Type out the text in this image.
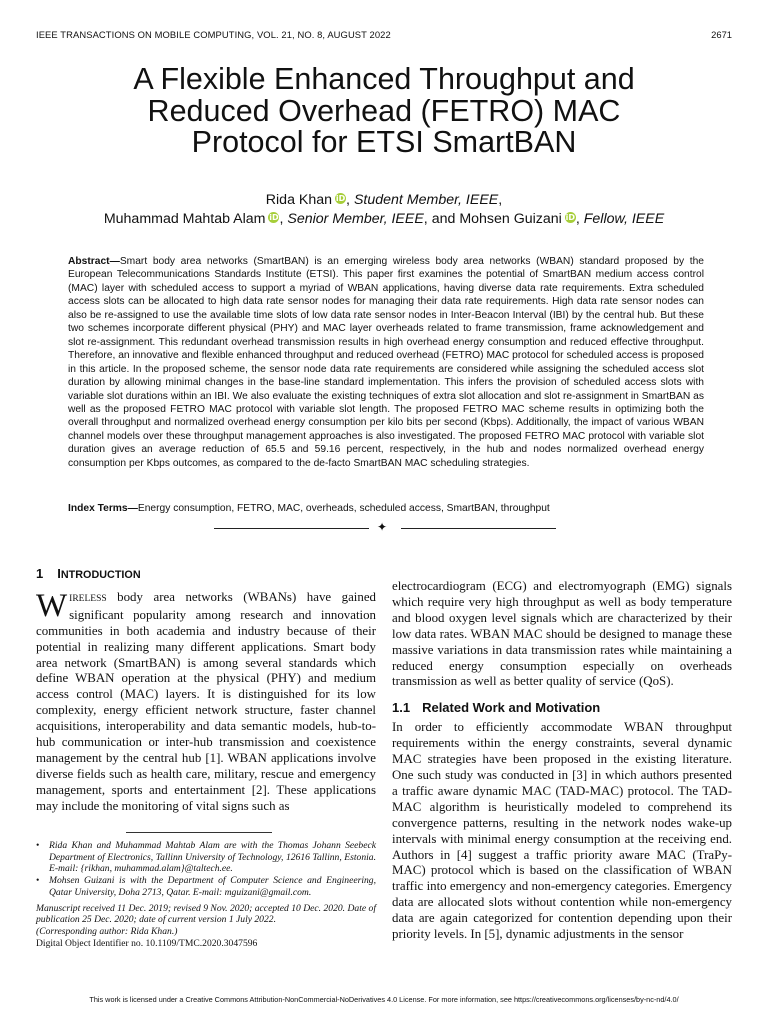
IEEE TRANSACTIONS ON MOBILE COMPUTING, VOL. 21, NO. 8, AUGUST 2022	2671
A Flexible Enhanced Throughput and
Reduced Overhead (FETRO) MAC
Protocol for ETSI SmartBAN
Rida Khan iD, Student Member, IEEE,
Muhammad Mahtab Alam iD, Senior Member, IEEE, and Mohsen Guizani iD, Fellow, IEEE
Abstract—Smart body area networks (SmartBAN) is an emerging wireless body area networks (WBAN) standard proposed by the European Telecommunications Standards Institute (ETSI). This paper first examines the potential of SmartBAN medium access control (MAC) layer with scheduled access to support a myriad of WBAN applications, having diverse data rate requirements. Extra scheduled access slots can be allocated to high data rate sensor nodes for managing their data rate requirements. High data rate sensor nodes can also be re-assigned to use the available time slots of low data rate sensor nodes in Inter-Beacon Interval (IBI) by the central hub. But these two schemes incorporate different physical (PHY) and MAC layer overheads related to frame transmission, frame acknowledgement and slot re-assignment. This redundant overhead transmission results in high overhead energy consumption and reduced effective throughput. Therefore, an innovative and flexible enhanced throughput and reduced overhead (FETRO) MAC protocol for scheduled access is proposed in this article. In the proposed scheme, the sensor node data rate requirements are considered while assigning the scheduled access slot duration by allowing minimal changes in the base-line standard implementation. This infers the provision of scheduled access slots with variable slot durations within an IBI. We also evaluate the existing techniques of extra slot allocation and slot re-assignment in SmartBAN as well as the proposed FETRO MAC protocol with variable slot length. The proposed FETRO MAC scheme results in optimizing both the overall throughput and normalized overhead energy consumption per kilo bits per second (Kbps). Additionally, the impact of various WBAN channel models over these throughput management approaches is also investigated. The proposed FETRO MAC protocol with variable slot duration gives an average reduction of 65.5 and 59.16 percent, respectively, in the hub and nodes normalized overhead energy consumption per Kbps outcomes, as compared to the de-facto SmartBAN MAC scheduling strategies.
Index Terms—Energy consumption, FETRO, MAC, overheads, scheduled access, SmartBAN, throughput
✦
1 INTRODUCTION
WIRELESS body area networks (WBANs) have gained significant popularity among research and innovation communities in both academia and industry because of their potential in realizing many different applications. Smart body area network (SmartBAN) is among several standards which define WBAN operation at the physical (PHY) and medium access control (MAC) layers. It is distinguished for its low complexity, energy efficient network structure, faster channel acquisitions, interoperability and data semantic models, hub-to-hub communication or inter-hub transmission and coexistence management by the central hub [1]. WBAN applications involve diverse fields such as health care, military, rescue and emergency management, sports and entertainment [2]. These applications may include the monitoring of vital signs such as
electrocardiogram (ECG) and electromyograph (EMG) signals which require very high throughput as well as body temperature and blood oxygen level signals which are characterized by their low data rates. WBAN MAC should be designed to manage these massive variations in data transmission rates while maintaining a reduced energy consumption especially on overheads transmission as well as better quality of service (QoS).
1.1 Related Work and Motivation
In order to efficiently accommodate WBAN throughput requirements within the energy constraints, several dynamic MAC strategies have been proposed in the existing literature. One such study was conducted in [3] in which authors presented a traffic aware dynamic MAC (TAD-MAC) protocol. The TAD-MAC algorithm is heuristically modeled to comprehend its convergence patterns, resulting in the network nodes wake-up intervals with minimal energy consumption at the receiving end. Authors in [4] suggest a traffic priority aware MAC (TraPy-MAC) protocol which is based on the classification of WBAN traffic into emergency and non-emergency categories. Emergency data are allocated slots without contention while non-emergency data are again categorized for contention depending upon their priority levels. In [5], dynamic adjustments in the sensor
• Rida Khan and Muhammad Mahtab Alam are with the Thomas Johann Seebeck Department of Electronics, Tallinn University of Technology, 12616 Tallinn, Estonia. E-mail: {rikhan, muhammad.alam}@taltech.ee.
• Mohsen Guizani is with the Department of Computer Science and Engineering, Qatar University, Doha 2713, Qatar. E-mail: mguizani@gmail.com.
Manuscript received 11 Dec. 2019; revised 9 Nov. 2020; accepted 10 Dec. 2020. Date of publication 25 Dec. 2020; date of current version 1 July 2022.
(Corresponding author: Rida Khan.)
Digital Object Identifier no. 10.1109/TMC.2020.3047596
This work is licensed under a Creative Commons Attribution-NonCommercial-NoDerivatives 4.0 License. For more information, see https://creativecommons.org/licenses/by-nc-nd/4.0/
